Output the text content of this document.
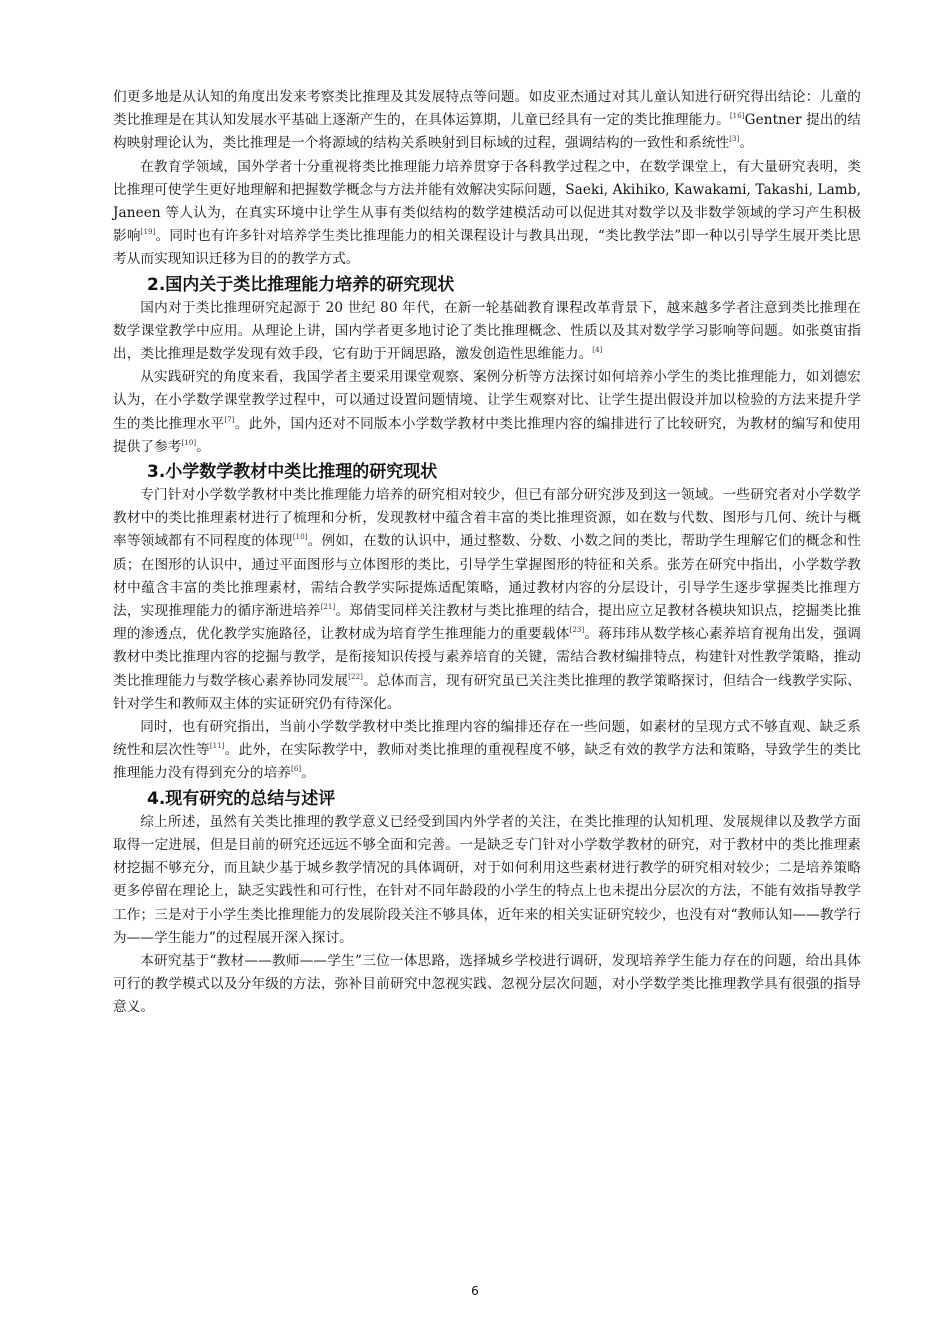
们更多地是从认知的角度出发来考察类比推理及其发展特点等问题。如皮亚杰通过对其儿童认知进行研究得出结论：儿童的类比推理是在其认知发展水平基础上逐渐产生的，在具体运算期，儿童已经具有一定的类比推理能力。[16]Gentner 提出的结构映射理论认为，类比推理是一个将源域的结构关系映射到目标域的过程，强调结构的一致性和系统性[3]。

在教育学领域，国外学者十分重视将类比推理能力培养贯穿于各科教学过程之中，在数学课堂上，有大量研究表明，类比推理可使学生更好地理解和把握数学概念与方法并能有效解决实际问题，Saeki, Akihiko, Kawakami, Takashi, Lamb, Janeen 等人认为，在真实环境中让学生从事有类似结构的数学建模活动可以促进其对数学以及非数学领域的学习产生积极影响[19]。同时也有许多针对培养学生类比推理能力的相关课程设计与教具出现，“类比教学法”即一种以引导学生展开类比思考从而实现知识迁移为目的的教学方式。

2.国内关于类比推理能力培养的研究现状

国内对于类比推理研究起源于 20 世纪 80 年代，在新一轮基础教育课程改革背景下，越来越多学者注意到类比推理在数学课堂教学中应用。从理论上讲，国内学者更多地讨论了类比推理概念、性质以及其对数学学习影响等问题。如张奠宙指出，类比推理是数学发现有效手段，它有助于开阔思路，激发创造性思维能力。[4]

从实践研究的角度来看，我国学者主要采用课堂观察、案例分析等方法探讨如何培养小学生的类比推理能力，如刘德宏认为，在小学数学课堂教学过程中，可以通过设置问题情境、让学生观察对比、让学生提出假设并加以检验的方法来提升学生的类比推理水平[7]。此外，国内还对不同版本小学数学教材中类比推理内容的编排进行了比较研究，为教材的编写和使用提供了参考[10]。

3.小学数学教材中类比推理的研究现状

专门针对小学数学教材中类比推理能力培养的研究相对较少，但已有部分研究涉及到这一领域。一些研究者对小学数学教材中的类比推理素材进行了梳理和分析，发现教材中蕴含着丰富的类比推理资源，如在数与代数、图形与几何、统计与概率等领域都有不同程度的体现[10]。例如，在数的认识中，通过整数、分数、小数之间的类比，帮助学生理解它们的概念和性质；在图形的认识中，通过平面图形与立体图形的类比，引导学生掌握图形的特征和关系。张芳在研究中指出，小学数学教材中蕴含丰富的类比推理素材，需结合教学实际提炼适配策略，通过教材内容的分层设计，引导学生逐步掌握类比推理方法，实现推理能力的循序渐进培养[21]。郑倩雯同样关注教材与类比推理的结合，提出应立足教材各模块知识点，挖掘类比推理的渗透点，优化教学实施路径，让教材成为培育学生推理能力的重要载体[23]。蒋玮玮从数学核心素养培育视角出发，强调教材中类比推理内容的挖掘与教学，是衔接知识传授与素养培育的关键，需结合教材编排特点，构建针对性教学策略，推动类比推理能力与数学核心素养协同发展[22]。总体而言，现有研究虽已关注类比推理的教学策略探讨，但结合一线教学实际、针对学生和教师双主体的实证研究仍有待深化。

同时，也有研究指出，当前小学数学教材中类比推理内容的编排还存在一些问题，如素材的呈现方式不够直观、缺乏系统性和层次性等[11]。此外，在实际教学中，教师对类比推理的重视程度不够，缺乏有效的教学方法和策略，导致学生的类比推理能力没有得到充分的培养[6]。

4.现有研究的总结与述评

综上所述，虽然有关类比推理的教学意义已经受到国内外学者的关注，在类比推理的认知机理、发展规律以及教学方面取得一定进展，但是目前的研究还远远不够全面和完善。一是缺乏专门针对小学数学教材的研究，对于教材中的类比推理素材挖掘不够充分，而且缺少基于城乡教学情况的具体调研，对于如何利用这些素材进行教学的研究相对较少；二是培养策略更多停留在理论上，缺乏实践性和可行性，在针对不同年龄段的小学生的特点上也未提出分层次的方法，不能有效指导教学工作；三是对于小学生类比推理能力的发展阶段关注不够具体，近年来的相关实证研究较少，也没有对“教师认知——教学行为——学生能力”的过程展开深入探讨。

本研究基于“教材——教师——学生”三位一体思路，选择城乡学校进行调研，发现培养学生能力存在的问题，给出具体可行的教学模式以及分年级的方法，弥补目前研究中忽视实践、忽视分层次问题，对小学数学类比推理教学具有很强的指导意义。

6
